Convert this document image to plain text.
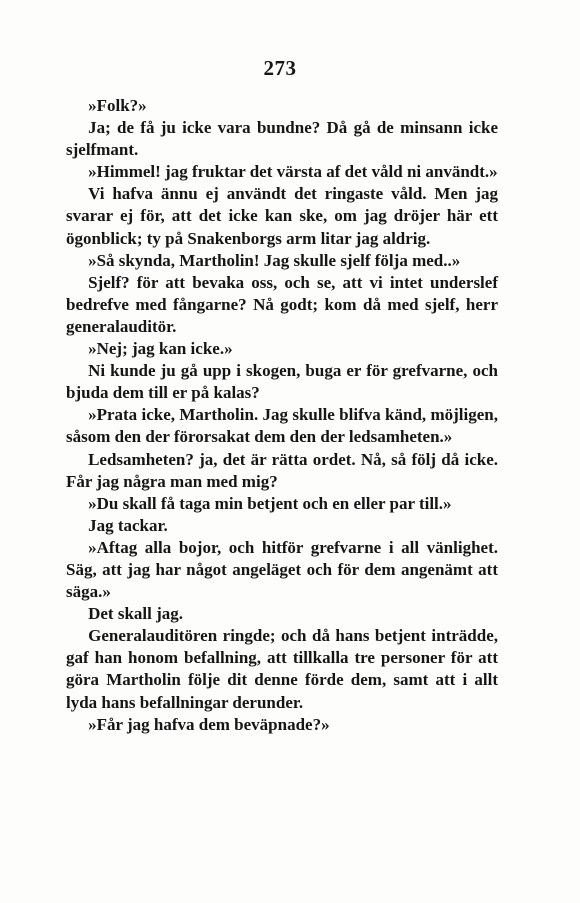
273

»Folk?»

Ja; de få ju icke vara bundne? Då gå de minsann icke sjelfmant.

»Himmel! jag fruktar det värsta af det våld ni användt.»

Vi hafva ännu ej användt det ringaste våld. Men jag svarar ej för, att det icke kan ske, om jag dröjer här ett ögonblick; ty på Snakenborgs arm litar jag aldrig.

»Så skynda, Martholin! Jag skulle sjelf följa med..»

Sjelf? för att bevaka oss, och se, att vi intet underslef bedrefve med fångarne? Nå godt; kom då med sjelf, herr generalauditör.

»Nej; jag kan icke.»

Ni kunde ju gå upp i skogen, buga er för grefvarne, och bjuda dem till er på kalas?

»Prata icke, Martholin. Jag skulle blifva känd, möjligen, såsom den der förorsakat dem den der ledsamheten.»

Ledsamheten? ja, det är rätta ordet. Nå, så följ då icke. Får jag några man med mig?

»Du skall få taga min betjent och en eller par till.»

Jag tackar.

»Aftag alla bojor, och hitför grefvarne i all vänlighet. Säg, att jag har något angeläget och för dem angenämt att säga.»

Det skall jag.

Generalauditören ringde; och då hans betjent inträdde, gaf han honom befallning, att tillkalla tre personer för att göra Martholin följe dit denne förde dem, samt att i allt lyda hans befallningar derunder.

»Får jag hafva dem beväpnade?»
